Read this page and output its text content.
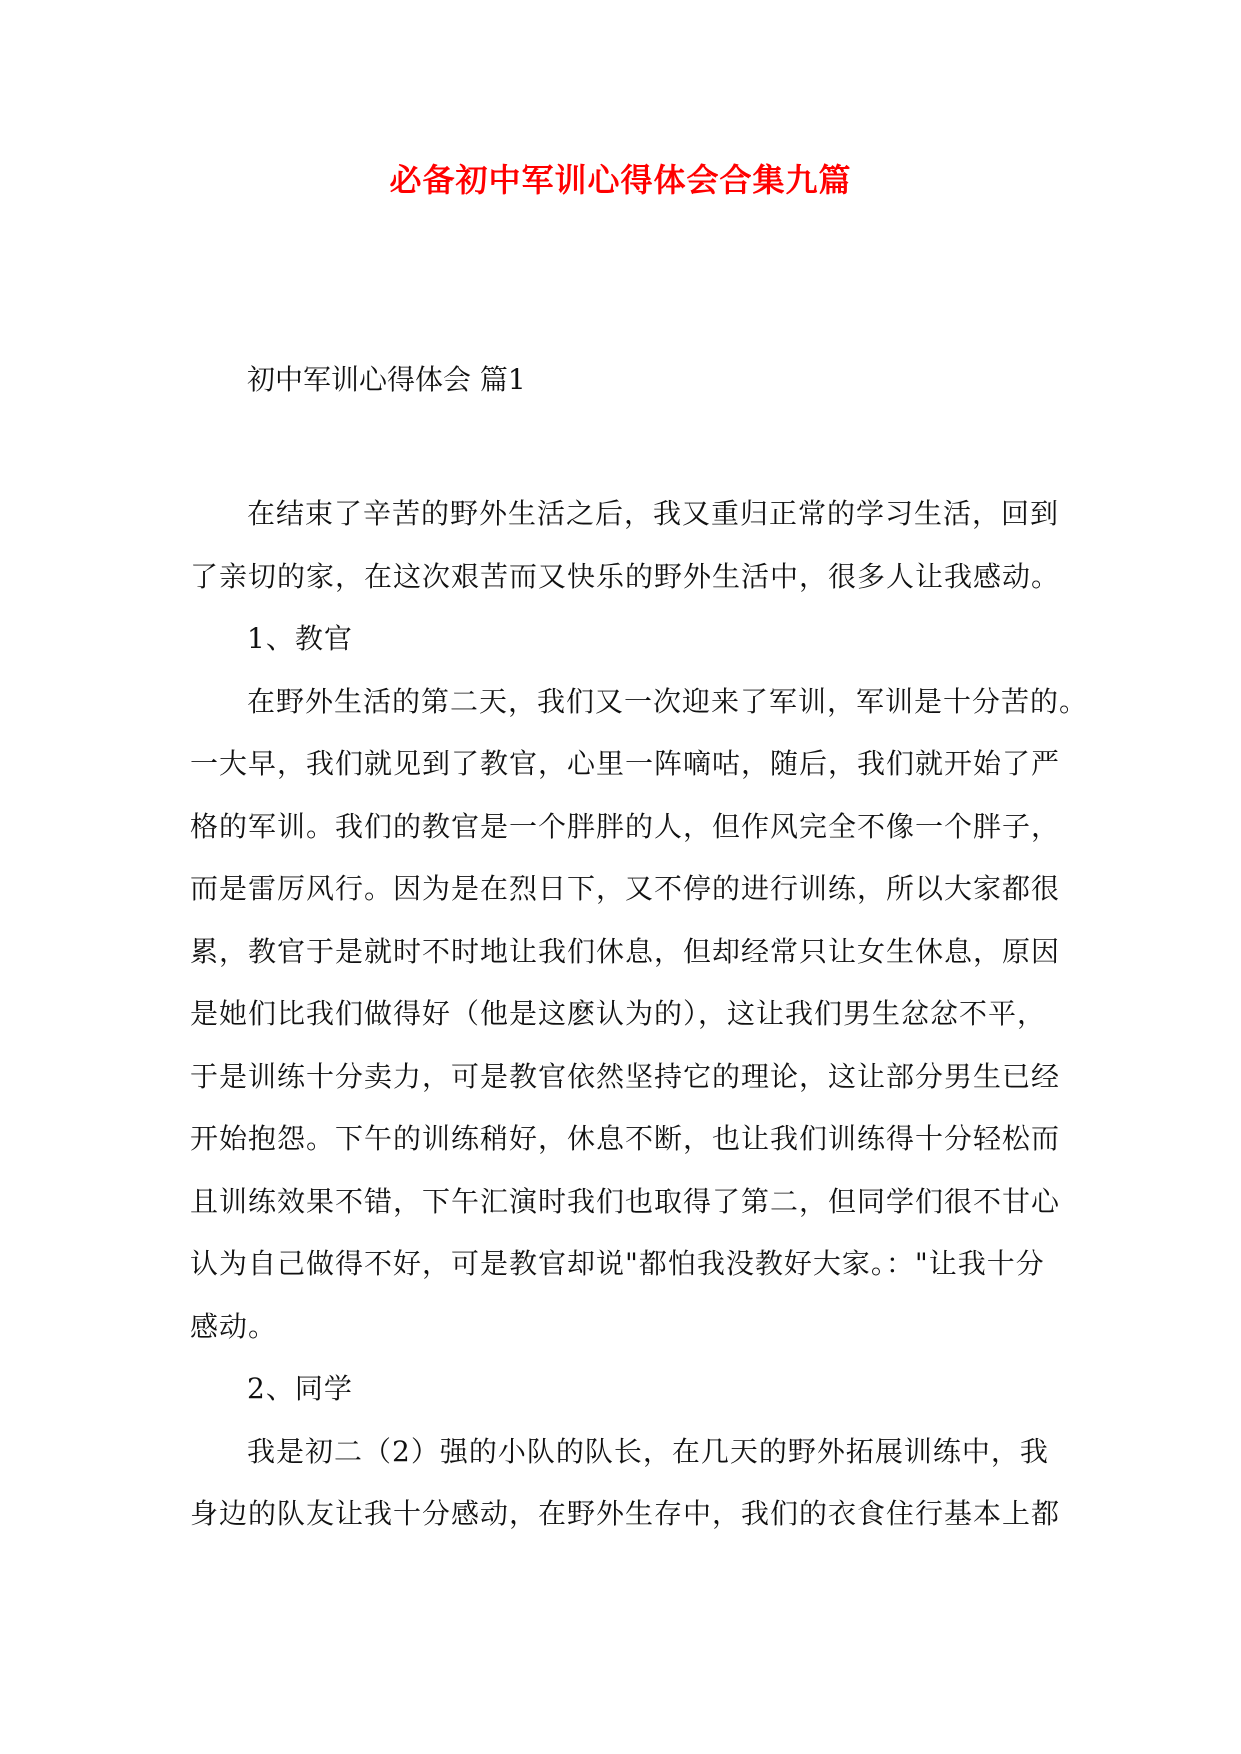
必备初中军训心得体会合集九篇
初中军训心得体会 篇1

在结束了辛苦的野外生活之后，我又重归正常的学习生活，回到
了亲切的家，在这次艰苦而又快乐的野外生活中，很多人让我感动。

1、教官

在野外生活的第二天，我们又一次迎来了军训，军训是十分苦的。
一大早，我们就见到了教官，心里一阵嘀咕，随后，我们就开始了严
格的军训。我们的教官是一个胖胖的人，但作风完全不像一个胖子，
而是雷厉风行。因为是在烈日下，又不停的进行训练，所以大家都很
累，教官于是就时不时地让我们休息，但却经常只让女生休息，原因
是她们比我们做得好（他是这麽认为的），这让我们男生忿忿不平，
于是训练十分卖力，可是教官依然坚持它的理论，这让部分男生已经
开始抱怨。下午的训练稍好，休息不断，也让我们训练得十分轻松而
且训练效果不错，下午汇演时我们也取得了第二，但同学们很不甘心
认为自己做得不好，可是教官却说"都怕我没教好大家。："让我十分
感动。

2、同学

我是初二（2）强的小队的队长，在几天的野外拓展训练中，我
身边的队友让我十分感动，在野外生存中，我们的衣食住行基本上都
